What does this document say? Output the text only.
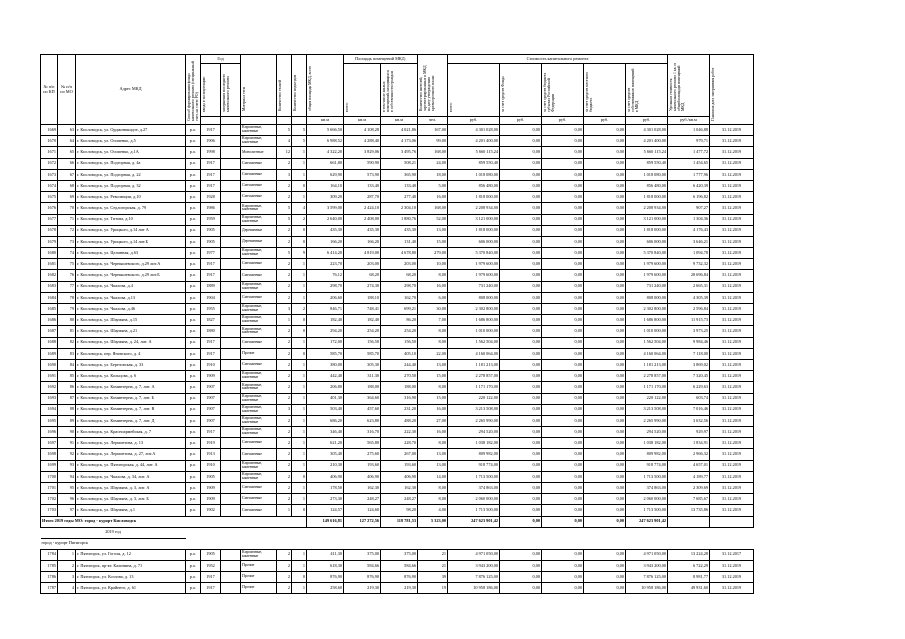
№ п/п по КП	№ п/п по МО	Адрес МКД	Способ формирования фонда капитального ремонта (специальный счет, на счете РО)	Год		Материал стен	Количество этажей	Количество подъездов	общая площадь МКД, всего	Площадь помещений МКД:		Количество жителей, зарегистрированных в МКД на дату утверждения краткосрочного плана	Стоимость капитального ремонта					Удельная стоимость капитального ремонта 1 кв. м общей площади помещений МКД	Плановая дата завершения работ

				ввода в эксплуатацию	завершения последнего капитального ремонта					всего:	в том числе жилых помещений, находящихся в собственности граждан		всего:	за счет средств Фонда	за счет средств бюджета субъекта Российской Федерации	за счет средств местного бюджета	за счет средств собственников помещений в МКД		

									кв.м	кв.м	кв.м	чел.	руб.	руб.	руб.	руб.	руб.	руб./кв.м	
1669	63	г. Кисловодск, ул. Орджоникидзе, д.27	р.о.	1917		Кирпичные, каменные	5	5	5 666,50	4 108,28	4 021,86	167,00	4 301 028,00	0,00	0,00	0,00	4 301 028,00	1 046,88	31.12.2019
1670	64	г. Кисловодск, ул. Осипенко, д.5	р.о.	1906		Кирпичные, каменные	4	5	6 988,52	4 288,40	4 173,06	99,00	4 201 400,00	0,00	0,00	0,00	4 201 400,00	979,71	31.12.2019
1671	65	г. Кисловодск, ул. Осипенко, д.1А	р.о.	1998		Монолитные	12	1	4 322,20	3 829,06	3 495,76	168,00	5 660 115,24	0,00	0,00	0,00	5 660 115,24	1 477,72	31.12.2019
1672	66	г. Кисловодск, ул. Подгорная, д. 4а	р.о.	1917		Смешанные	2	1	661,80	590,90	508,21	24,00	859 550,40	0,00	0,00	0,00	859 550,40	1 454,65	31.12.2019
1673	67	г. Кисловодск, ул. Подгорная, д. 22	р.о.	1917		Смешанные	3	1	629,90	573,90	365,90	18,00	1 018 080,00	0,00	0,00	0,00	1 018 080,00	1 777,96	31.12.2019
1674	68	г. Кисловодск, ул. Подгорная, д. 32	р.о.	1917		Смешанные	2	0	164,10	133,40	133,40	5,00	856 480,00	0,00	0,00	0,00	856 480,00	6 420,39	31.12.2019
1675	69	г. Кисловодск, ул. Революции, д.10	р.о.	1928		Смешанные	2	1	309,20	287,70	277,40	16,00	1 818 000,00	0,00	0,00	0,00	1 818 000,00	6 196,82	31.12.2019
1676	70	г. Кисловодск, ул. Седлогорская, д. 79	р.о.	1986		Кирпичные, каменные	5	4	3 599,00	2 424,10	2 304,10	168,00	2 208 934,00	0,00	0,00	0,00	2 208 934,00	907,27	31.12.2019
1677	71	г. Кисловодск, ул. Титова, д.10	р.о.	1959		Кирпичные, каменные	5	2	2 640,00	2 408,00	1 880,76	52,00	3 121 000,00	0,00	0,00	0,00	3 121 000,00	1 304,36	31.12.2019
1678	72	г. Кисловодск, ул. Урицкого, д.14 лит А	р.о.	1905		Деревянные	2	0	435,30	435,30	435,30	13,00	1 818 000,00	0,00	0,00	0,00	1 818 000,00	4 176,43	31.12.2019
1679	73	г. Кисловодск, ул. Урицкого, д.14 лит.Б	р.о.	1905		Деревянные	2	0	166,20	166,20	131,40	15,00	606 000,00	0,00	0,00	0,00	606 000,00	3 646,21	31.12.2019
1680	74	г. Кисловодск, ул. Целинная, д.63	р.о.	1977		Кирпичные, каменные	5	9	6 414,20	4 819,00	4 678,80	279,00	5 370 840,00	0,00	0,00	0,00	5 370 840,00	1 094,78	31.12.2019
1681	75	г. Кисловодск, ул. Чернышевского, д.29 лит.А	р.о.	1917		Смешанные	2	1	223,70	203,00	203,00	10,00	1 979 600,00	0,00	0,00	0,00	1 979 600,00	9 732,32	31.12.2019
1682	76	г. Кисловодск, ул. Чернышевского, д.29 лит.Б	р.о.	1917		Смешанные	2	1	76,12	68,20	68,20	8,00	1 979 600,00	0,00	0,00	0,00	1 979 600,00	28 696,84	31.12.2019
1683	77	г. Кисловодск, ул. Чкалова, д.4	р.о.	1889		Кирпичные, каменные	2	1	298,70	274,30	298,70	16,00	731 240,00	0,00	0,00	0,00	731 240,00	2 665,31	31.12.2019
1684	78	г. Кисловодск, ул. Чкалова, д.13	р.о.	1904		Смешанные	2	1	206,60	188,10	162,70	6,00	808 000,00	0,00	0,00	0,00	808 000,00	4 305,39	31.12.2019
1685	79	г. Кисловодск, ул. Чкалова, д.46	р.о.	1955		Кирпичные, каменные	3	2	846,71	748,41	699,21	30,00	2 302 800,00	0,00	0,00	0,00	2 302 800,00	2 596,84	31.12.2019
1686	80	г. Кисловодск, ул. Шаумяна, д.15	р.о.	1827		Кирпичные, каменные	1	0	182,40	182,40	86,20	7,00	1 686 800,00	0,00	0,00	0,00	1 686 800,00	11 915,73	31.12.2019
1687	81	г. Кисловодск, ул. Шаумяна, д.21	р.о.	1880		Кирпичные, каменные	2	0	294,20	254,20	254,20	8,00	1 010 000,00	0,00	0,00	0,00	1 010 000,00	3 973,25	31.12.2019
1688	82	г. Кисловодск, ул. Шаумяна, д. 24, лит. А	р.о.	1917		Смешанные	2	1	172,00	156,50	156,50	8,00	1 562 504,00	0,00	0,00	0,00	1 562 504,00	9 984,46	31.12.2019
1689	83	г. Кисловодск, пер. Яновского, д. 4	р.о.	1917		Прочие	2	0	585,70	585,70	405,10	22,00	4 160 064,00	0,00	0,00	0,00	4 160 064,00	7 118,00	31.12.2019
1690	84	г. Кисловодск, ул. Березовская, д. 33	р.о.	1910		Смешанные	2	1	380,00	305,30	244,40	13,00	1 181 213,00	0,00	0,00	0,00	1 181 213,00	3 869,02	31.12.2019
1691	85	г. Кисловодск, ул. Кольцова, д. 6	р.о.	1909		Кирпичные, каменные	2	1	442,40	311,30	270,50	15,00	2 278 857,00	0,00	0,00	0,00	2 278 857,00	7 320,45	31.12.2019
1692	86	г. Кисловодск, ул. Коминтерна, д. 7, лит. А	р.о.	1907		Кирпичные, каменные	2	1	206,80	188,00	188,00	8,00	1 171 170,00	0,00	0,00	0,00	1 171 170,00	6 229,63	31.12.2019
1693	87	г. Кисловодск, ул. Коминтерна, д. 7, лит. Б	р.о.	1907		Кирпичные, каменные	2	1	401,30	364,60	316,90	15,00	220 122,00	0,00	0,00	0,00	220 122,00	603,74	31.12.2019
1694	88	г. Кисловодск, ул. Коминтерна, д. 7, лит. В	р.о.	1907		Кирпичные, каменные	3	1	503,40	457,60	231,20	16,00	3 213 508,00	0,00	0,00	0,00	3 213 508,00	7 016,46	31.12.2019
1695	89	г. Кисловодск, ул. Коминтерна, д. 7, лит. Д	р.о.	1907		Кирпичные, каменные	2	1	686,20	623,80	488,20	27,00	2 265 990,00	0,00	0,00	0,00	2 265 990,00	3 632,56	31.12.2019
1696	90	г. Кисловодск, ул. Красноармейская, д. 7	р.о.	1917		Кирпичные, каменные	2	1	346,40	316,70	222,30	16,00	294 520,00	0,00	0,00	0,00	294 520,00	929,97	31.12.2019
1697	91	г. Кисловодск, ул. Лермонтова, д. 13	р.о.	1919		Смешанные	2	1	621,20	565,80	228,70	8,00	1 038 182,00	0,00	0,00	0,00	1 038 182,00	1 834,91	31.12.2019
1698	92	г. Кисловодск, ул. Лермонтова, д. 27, лит.А	р.о.	1913		Смешанные	2	1	305,40	275,60	267,00	13,00	809 982,00	0,00	0,00	0,00	809 982,00	2 966,32	31.12.2019
1699	93	г. Кисловодск, ул. Пятигорская, д. 44, лит. А	р.о.	1910		Кирпичные, каменные	2	1	210,30	193,60	193,60	13,00	918 774,00	0,00	0,00	0,00	918 774,00	4 657,01	31.12.2019
1700	94	г. Кисловодск, ул. Чкалова, д. 34, лит. А	р.о.	1905		Кирпичные, каменные	2	0	406,90	406,90	406,90	14,00	1 713 500,00	0,00	0,00	0,00	1 713 500,00	4 189,77	31.12.2019
1701	95	г. Кисловодск, ул. Шаумяна, д. 3, лит. А	р.о.	1909		Смешанные	2	1	178,50	162,30	162,30	8,00	374 863,00	0,00	0,00	0,00	374 863,00	2 309,69	31.12.2019
1702	96	г. Кисловодск, ул. Шаумяна, д. 3, лит. Б	р.о.	1909		Смешанные	2	1	273,30	248,27	248,27	8,00	2 060 000,00	0,00	0,00	0,00	2 060 000,00	7 685,67	31.12.2019
1703	97	г. Кисловодск, ул. Шаумяна, д.1	р.о.	1902		Смешанные	1	0	124,57	124,60	98,20	4,00	1 713 500,00	0,00	0,00	0,00	1 713 500,00	13 735,86	31.12.2019
Итого 2019 годы МО: город - курорт Кисловодск									149 616,81	127 272,56	118 781,53	5 323,00	247 623 901,42	0,00	0,00	0,00	247 623 901,42		
2019 год																			
город - курорт Пятигорск																			
1784	1	г. Пятигорск, ул. Гоголя, д. 12	р.о.	1905		Кирпичные, каменные	2	1	411,30	375,00	375,00	21	4 971 050,00	0,00	0,00	0,00	4 971 050,00	13 224,28	31.12.2017
1785	2	г. Пятигорск, пр-кт. Калинина, д. 71	р.о.	1952		Прочие	2	1	618,30	584,66	584,66	21	3 943 200,00	0,00	0,00	0,00	3 943 200,00	6 722,29	31.12.2019
1786	3	г. Пятигорск, ул. Козлова, д. 13	р.о.	1917		Прочие	2	0	876,90	876,90	876,90	39	7 876 125,00	0,00	0,00	0,00	7 876 125,00	8 981,77	31.12.2019
1787	4	г. Пятигорск, ул. Крайнего, д. 61	р.о.	1917		Прочие	2	1	258,60	219,30	219,30	19	10 958 186,00	0,00	0,00	0,00	10 958 186,00	49 931,60	31.12.2019
